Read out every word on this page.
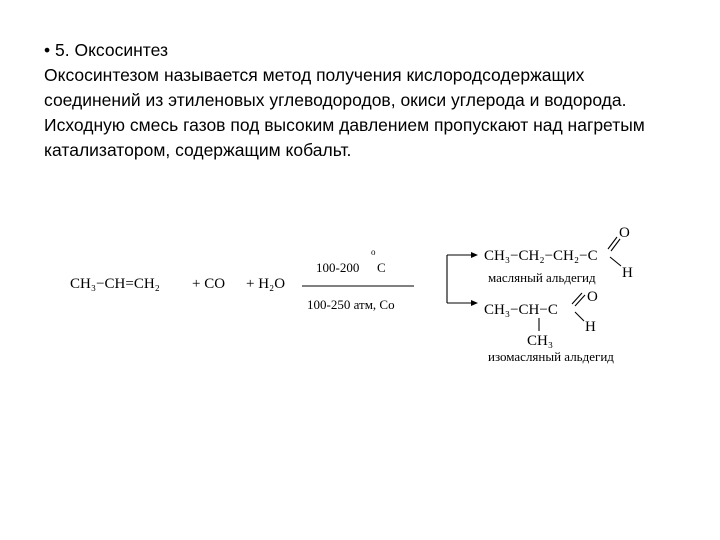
• 5. Оксосинтез

Оксосинтезом называется метод получения кислородсодержащих соединений из этиленовых углеводородов, окиси углерода и водорода.

Исходную смесь газов под высоким давлением пропускают над нагретым катализатором, содержащим кобальт.

CH₃−CH=CH₂ + CO + H₂O
100-200
o
C
100-250 атм, Co
CH₃−CH₂−CH₂−C
O
H
масляный альдегид
CH₃−CH−C
O
H
CH₃
изомасляный альдегид
